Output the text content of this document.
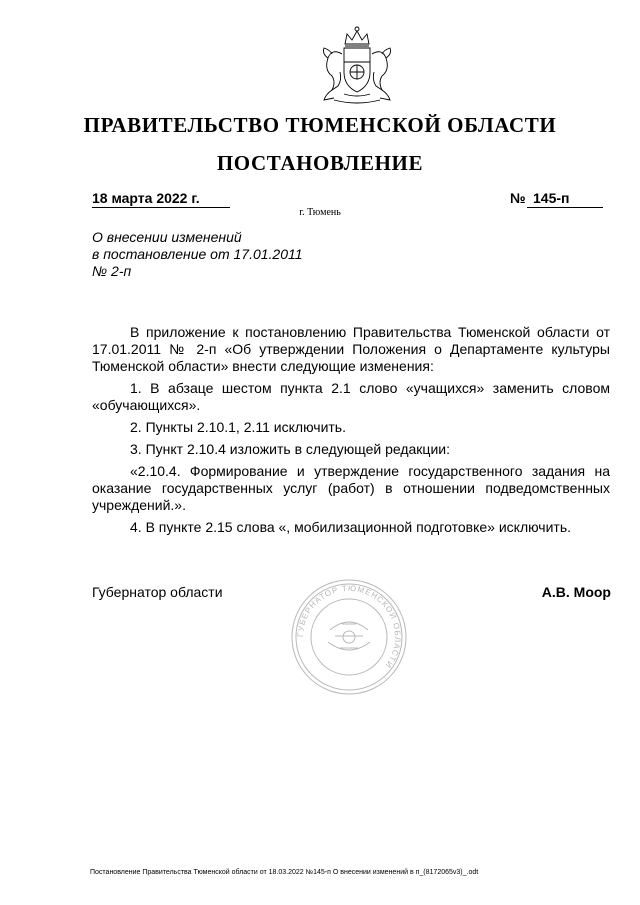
ПРАВИТЕЛЬСТВО ТЮМЕНСКОЙ ОБЛАСТИ
ПОСТАНОВЛЕНИЕ
18 марта 2022 г.	№ 145-п
г. Тюмень
О внесении изменений
в постановление от 17.01.2011
№ 2-п

В приложение к постановлению Правительства Тюменской области от 17.01.2011 № 2-п «Об утверждении Положения о Департаменте культуры Тюменской области» внести следующие изменения:

1. В абзаце шестом пункта 2.1 слово «учащихся» заменить словом «обучающихся».

2. Пункты 2.10.1, 2.11 исключить.

3. Пункт 2.10.4 изложить в следующей редакции:

«2.10.4. Формирование и утверждение государственного задания на оказание государственных услуг (работ) в отношении подведомственных учреждений.».

4. В пункте 2.15 слова «, мобилизационной подготовке» исключить.

ГУБЕРНАТОР ТЮМЕНСКОЙ ОБЛАСТИ
Губернатор области	А.В. Моор
Постановление Правительства Тюменской области от 18.03.2022 №145-п О внесении изменений в п_(8172065v3)_.odt
